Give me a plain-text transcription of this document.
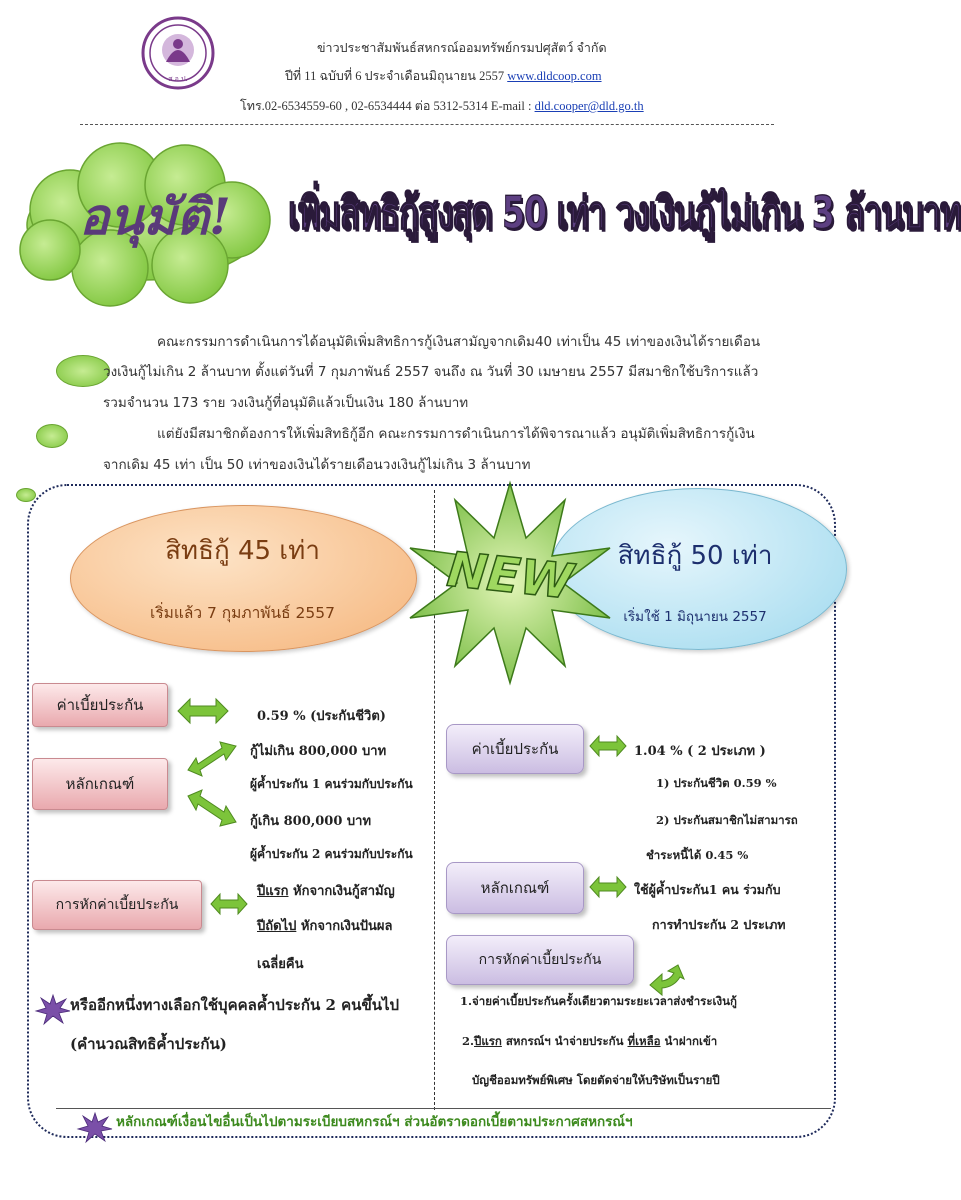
ส.อ.ป.
ข่าวประชาสัมพันธ์สหกรณ์ออมทรัพย์กรมปศุสัตว์ จำกัด
ปีที่ 11 ฉบับที่ 6 ประจำเดือนมิถุนายน 2557 www.dldcoop.com
โทร.02-6534559-60 , 02-6534444 ต่อ 5312-5314 E-mail : dld.cooper@dld.go.th
อนุมัติ!	เพิ่มสิทธิกู้สูงสุด 50 เท่า วงเงินกู้ไม่เกิน 3 ล้านบาท
คณะกรรมการดำเนินการได้อนุมัติเพิ่มสิทธิการกู้เงินสามัญจากเดิม40 เท่าเป็น 45 เท่าของเงินได้รายเดือน
วงเงินกู้ไม่เกิน 2 ล้านบาท ตั้งแต่วันที่ 7 กุมภาพันธ์ 2557 จนถึง ณ วันที่ 30 เมษายน 2557 มีสมาชิกใช้บริการแล้ว
รวมจำนวน 173 ราย วงเงินกู้ที่อนุมัติแล้วเป็นเงิน 180 ล้านบาท
แต่ยังมีสมาชิกต้องการให้เพิ่มสิทธิกู้อีก คณะกรรมการดำเนินการได้พิจารณาแล้ว อนุมัติเพิ่มสิทธิการกู้เงิน
จากเดิม 45 เท่า เป็น 50 เท่าของเงินได้รายเดือนวงเงินกู้ไม่เกิน 3 ล้านบาท
สิทธิกู้ 45 เท่า
เริ่มแล้ว 7 กุมภาพันธ์ 2557
สิทธิกู้ 50 เท่า
เริ่มใช้ 1 มิถุนายน 2557
NEW
ค่าเบี้ยประกัน
0.59 % (ประกันชีวิต)
หลักเกณฑ์
กู้ไม่เกิน 800,000 บาท
ผู้ค้ำประกัน 1 คนร่วมกับประกัน
กู้เกิน 800,000 บาท
ผู้ค้ำประกัน 2 คนร่วมกับประกัน
การหักค่าเบี้ยประกัน
ปีแรก หักจากเงินกู้สามัญ
ปีถัดไป หักจากเงินปันผล
เฉลี่ยคืน
หรืออีกหนึ่งทางเลือกใช้บุคคลค้ำประกัน 2 คนขึ้นไป
(คำนวณสิทธิค้ำประกัน)
ค่าเบี้ยประกัน	1.04 % ( 2 ประเภท )
1) ประกันชีวิต 0.59 %
2) ประกันสมาชิกไม่สามารถ
ชำระหนี้ได้ 0.45 %
หลักเกณฑ์	ใช้ผู้ค้ำประกัน1 คน ร่วมกับ
การทำประกัน 2 ประเภท
การหักค่าเบี้ยประกัน
1.จ่ายค่าเบี้ยประกันครั้งเดียวตามระยะเวลาส่งชำระเงินกู้
2.ปีแรก สหกรณ์ฯ นำจ่ายประกัน ที่เหลือ นำฝากเข้า
บัญชีออมทรัพย์พิเศษ โดยตัดจ่ายให้บริษัทเป็นรายปี
หลักเกณฑ์เงื่อนไขอื่นเป็นไปตามระเบียบสหกรณ์ฯ ส่วนอัตราดอกเบี้ยตามประกาศสหกรณ์ฯ
